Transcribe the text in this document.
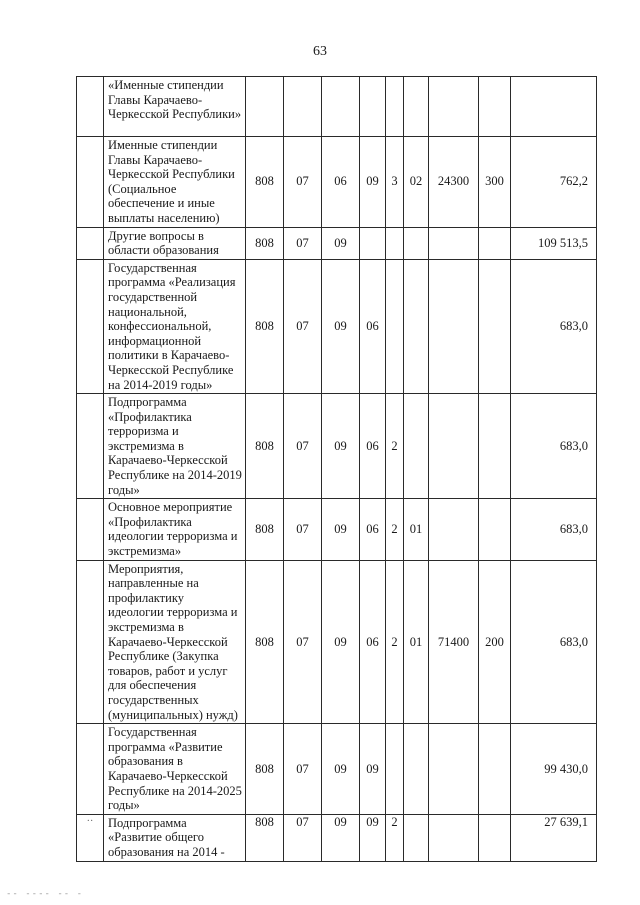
63
	«Именные стипендии Главы Карачаево-Черкесской Республики»									
	Именные стипендии Главы Карачаево-Черкесской Республики (Социальное обеспечение и иные выплаты населению)	808	07	06	09	3	02	24300	300	762,2
	Другие вопросы в области образования	808	07	09						109 513,5
	Государственная программа «Реализация государственной национальной, конфессиональной, информационной политики в Карачаево-Черкесской Республике на 2014-2019 годы»	808	07	09	06					683,0
	Подпрограмма «Профилактика терроризма и экстремизма в Карачаево-Черкесской Республике на 2014-2019 годы»	808	07	09	06	2				683,0
	Основное мероприятие «Профилактика идеологии терроризма и экстремизма»	808	07	09	06	2	01			683,0
	Мероприятия, направленные на профилактику идеологии терроризма и экстремизма в Карачаево-Черкесской Республике (Закупка товаров, работ и услуг для обеспечения государственных (муниципальных) нужд)	808	07	09	06	2	01	71400	200	683,0
	Государственная программа «Развитие образования в Карачаево-Черкесской Республике на 2014-2025 годы»	808	07	09	09					99 430,0
··	Подпрограмма «Развитие общего образования на 2014 -	808	07	09	09	2				27 639,1
-- ---- -- -
